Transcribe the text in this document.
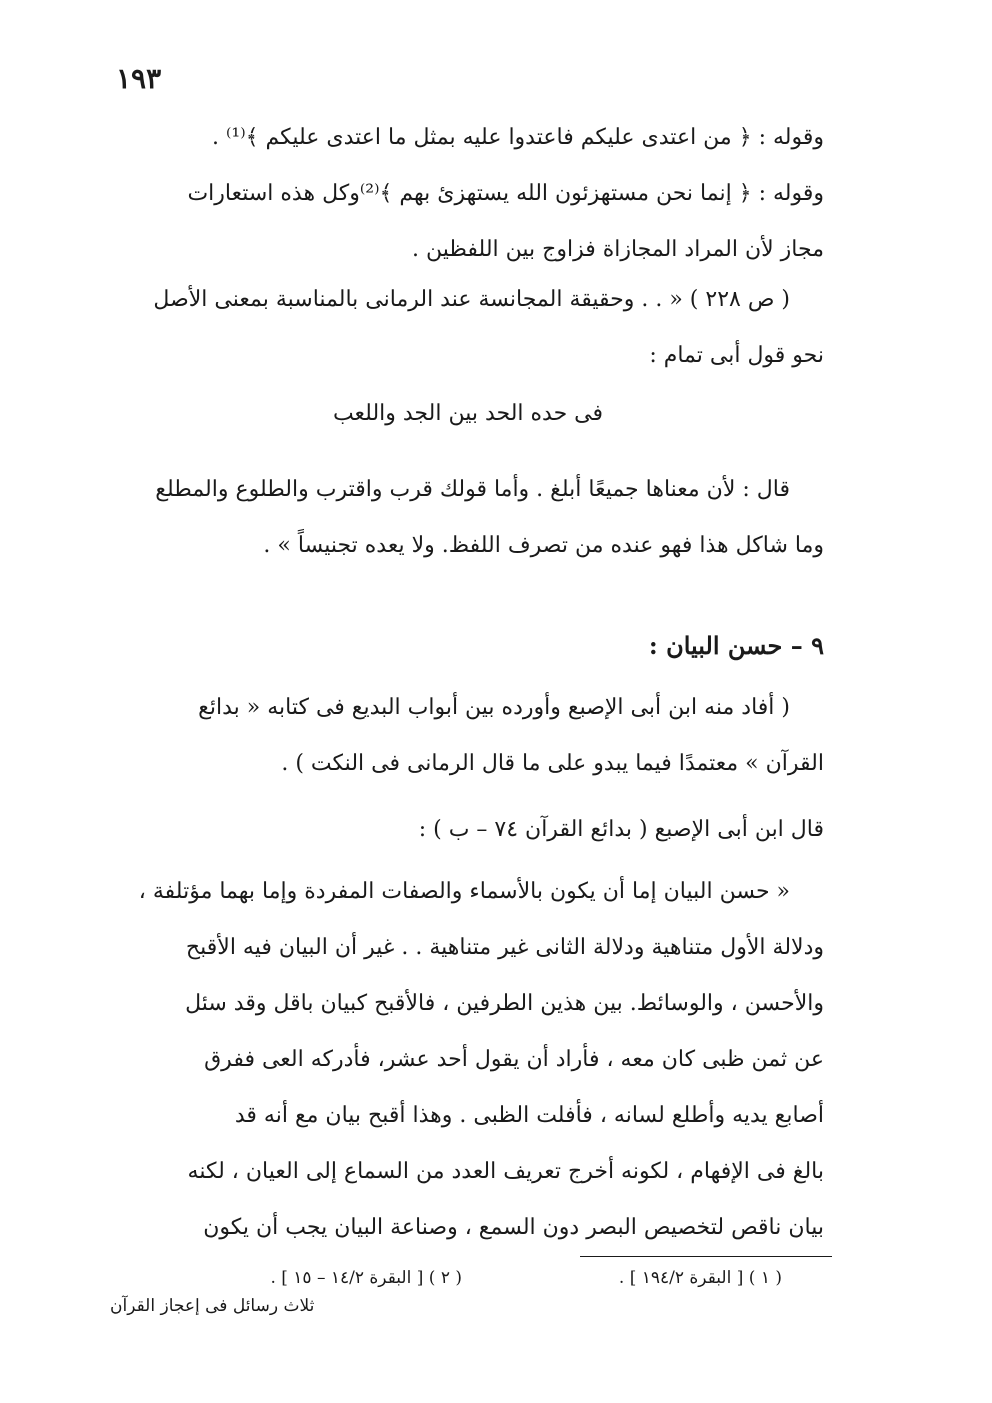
١٩٣
وقوله : ﴿ من اعتدى عليكم فاعتدوا عليه بمثل ما اعتدى عليكم ﴾⁽¹⁾ .
وقوله : ﴿ إنما نحن مستهزئون الله يستهزئ بهم ﴾⁽²⁾وكل هذه استعارات
مجاز لأن المراد المجازاة فزاوج بين اللفظين .
( ص ٢٢٨ ) « . . وحقيقة المجانسة عند الرمانى بالمناسبة بمعنى الأصل
نحو قول أبى تمام :
فى حده الحد بين الجد واللعب
قال : لأن معناها جميعًا أبلغ . وأما قولك قرب واقترب والطلوع والمطلع
وما شاكل هذا فهو عنده من تصرف اللفظ. ولا يعده تجنيساً » .
٩ – حسن البيان :
( أفاد منه ابن أبى الإصبع وأورده بين أبواب البديع فى كتابه « بدائع
القرآن » معتمدًا فيما يبدو على ما قال الرمانى فى النكت ) .
قال ابن أبى الإصبع ( بدائع القرآن ٧٤ – ب ) :
« حسن البيان إما أن يكون بالأسماء والصفات المفردة وإما بهما مؤتلفة ،
ودلالة الأول متناهية ودلالة الثانى غير متناهية . . غير أن البيان فيه الأقبح
والأحسن ، والوسائط. بين هذين الطرفين ، فالأقبح كبيان باقل وقد سئل
عن ثمن ظبى كان معه ، فأراد أن يقول أحد عشر، فأدركه العى ففرق
أصابع يديه وأطلع لسانه ، فأفلت الظبى . وهذا أقبح بيان مع أنه قد
بالغ فى الإفهام ، لكونه أخرج تعريف العدد من السماع إلى العيان ، لكنه
بيان ناقص لتخصيص البصر دون السمع ، وصناعة البيان يجب أن يكون
( ١ ) [ البقرة ١٩٤/٢ ] .
( ٢ ) [ البقرة ١٤/٢ – ١٥ ] .
ثلاث رسائل فى إعجاز القرآن
